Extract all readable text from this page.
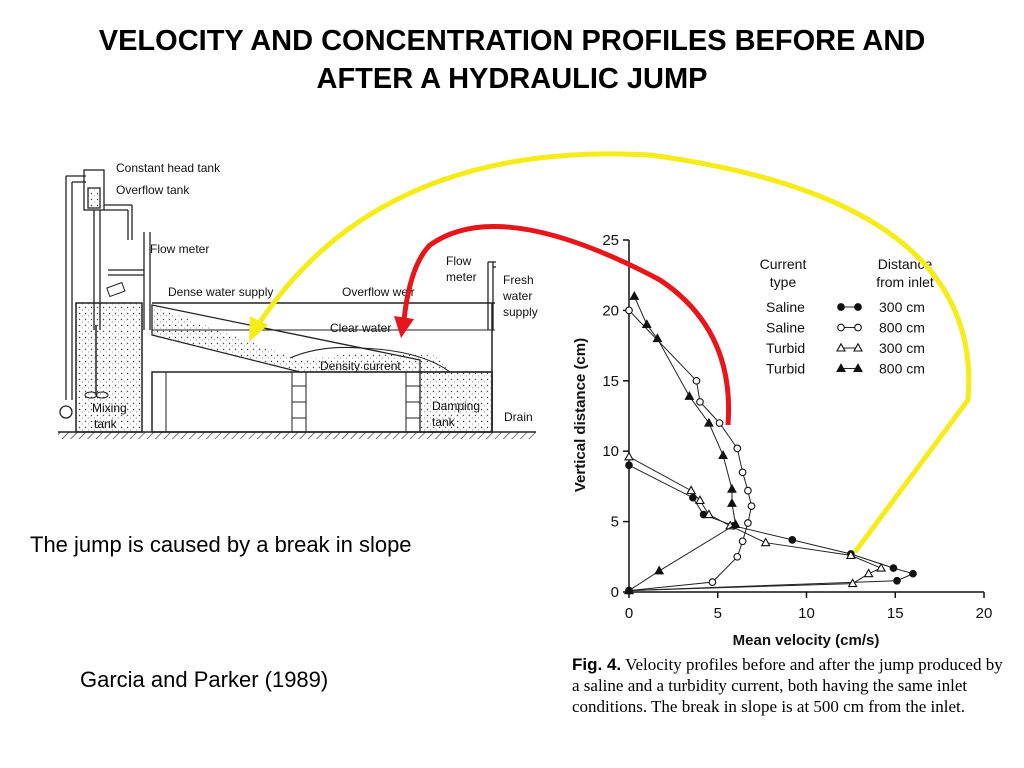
VELOCITY AND CONCENTRATION PROFILES BEFORE AND
AFTER A HYDRAULIC JUMP
Constant head tank
Overflow tank
Flow meter
Dense water supply	Overflow weir
Flow
meter Fresh
water
supply
Clear water
Density current
Mixing
tank
Damping
tank	Drain
The jump is caused by a break in slope
Garcia and Parker (1989)
0	5	10	15	20
0
5
10
15
20
25
Current
type
Distance
from inlet
Saline	300 cm
Saline	800 cm
Turbid	300 cm
Turbid	800 cm
Mean velocity (cm/s)
Vertical distance (cm)
Fig. 4. Velocity profiles before and after the jump produced by a saline and a turbidity current, both having the same inlet conditions. The break in slope is at 500 cm from the inlet.
